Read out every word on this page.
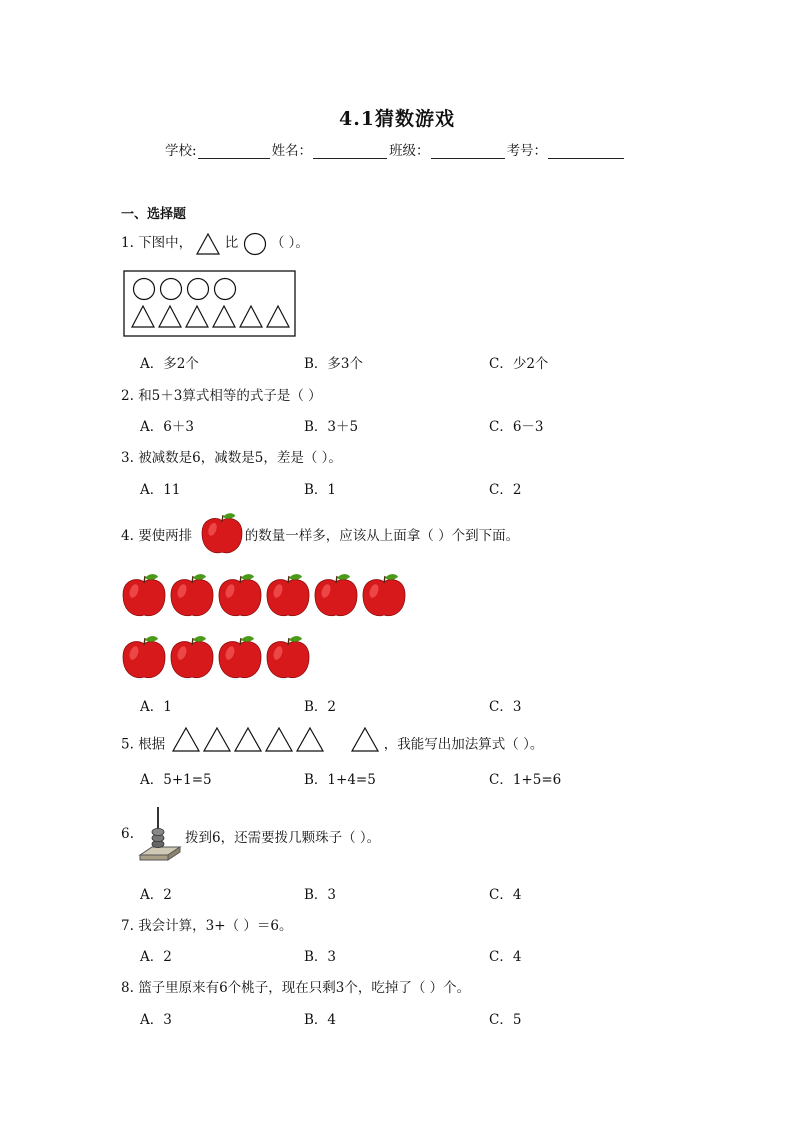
4.1猜数游戏
学校:	姓名：	班级：	考号：
一、选择题
1. 下图中， 比 （ ）。
A．多2个	B．多3个	C．少2个
2. 和5＋3算式相等的式子是（ ）
A．6＋3	B．3＋5	C．6－3
3. 被减数是6，减数是5，差是（ ）。
A．11	B．1	C．2
4. 要使两排	的数量一样多，应该从上面拿（ ）个到下面。
A．1	B．2	C．3
5. 根据	，我能写出加法算式（ ）。
A．5+1=5	B．1+4=5	C．1+5=6
6.	拨到6，还需要拨几颗珠子（ ）。
A．2	B．3	C．4
7. 我会计算，3+（ ）＝6。
A．2	B．3	C．4
8. 篮子里原来有6个桃子，现在只剩3个，吃掉了（ ）个。
A．3	B．4	C．5
